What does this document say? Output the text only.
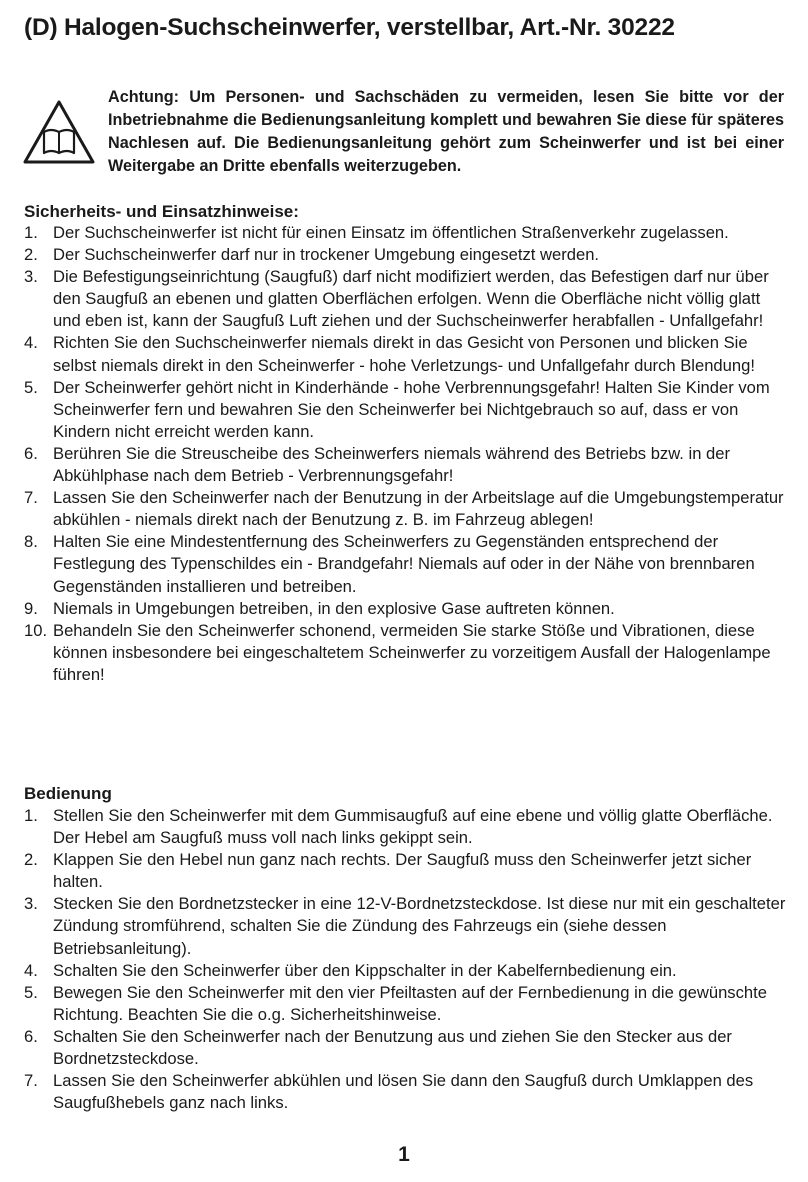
(D) Halogen-Suchscheinwerfer, verstellbar, Art.-Nr. 30222
Achtung: Um Personen- und Sachschäden zu vermeiden, lesen Sie bitte vor der Inbetriebnahme die Bedienungsanleitung komplett und bewahren Sie diese für späteres Nachlesen auf. Die Bedienungsanleitung gehört zum Scheinwerfer und ist bei einer Weitergabe an Dritte ebenfalls weiterzugeben.
Sicherheits- und Einsatzhinweise:
1. Der Suchscheinwerfer ist nicht für einen Einsatz im öffentlichen Straßenverkehr zugelassen.
2. Der Suchscheinwerfer darf nur in trockener Umgebung eingesetzt werden.
3. Die Befestigungseinrichtung (Saugfuß) darf nicht modifiziert werden, das Befestigen darf nur über den Saugfuß an ebenen und glatten Oberflächen erfolgen. Wenn die Oberfläche nicht völlig glatt und eben ist, kann der Saugfuß Luft ziehen und der Suchscheinwerfer herabfallen - Unfallgefahr!
4. Richten Sie den Suchscheinwerfer niemals direkt in das Gesicht von Personen und blicken Sie selbst niemals direkt in den Scheinwerfer - hohe Verletzungs- und Unfallgefahr durch Blendung!
5. Der Scheinwerfer gehört nicht in Kinderhände - hohe Verbrennungsgefahr! Halten Sie Kinder vom Scheinwerfer fern und bewahren Sie den Scheinwerfer bei Nichtgebrauch so auf, dass er von Kindern nicht erreicht werden kann.
6. Berühren Sie die Streuscheibe des Scheinwerfers niemals während des Betriebs bzw. in der Abkühlphase nach dem Betrieb - Verbrennungsgefahr!
7. Lassen Sie den Scheinwerfer nach der Benutzung in der Arbeitslage auf die Umgebungstemperatur abkühlen - niemals direkt nach der Benutzung z. B. im Fahrzeug ablegen!
8. Halten Sie eine Mindestentfernung des Scheinwerfers zu Gegenständen entsprechend der Festlegung des Typenschildes ein - Brandgefahr! Niemals auf oder in der Nähe von brennbaren Gegenständen installieren und betreiben.
9. Niemals in Umgebungen betreiben, in den explosive Gase auftreten können.
10. Behandeln Sie den Scheinwerfer schonend, vermeiden Sie starke Stöße und Vibrationen, diese können insbesondere bei eingeschaltetem Scheinwerfer zu vorzeitigem Ausfall der Halogenlampe führen!
Bedienung
1. Stellen Sie den Scheinwerfer mit dem Gummisaugfuß auf eine ebene und völlig glatte Oberfläche. Der Hebel am Saugfuß muss voll nach links gekippt sein.
2. Klappen Sie den Hebel nun ganz nach rechts. Der Saugfuß muss den Scheinwerfer jetzt sicher halten.
3. Stecken Sie den Bordnetzstecker in eine 12-V-Bordnetzsteckdose. Ist diese nur mit ein geschalteter Zündung stromführend, schalten Sie die Zündung des Fahrzeugs ein (siehe dessen Betriebsanleitung).
4. Schalten Sie den Scheinwerfer über den Kippschalter in der Kabelfernbedienung ein.
5. Bewegen Sie den Scheinwerfer mit den vier Pfeiltasten auf der Fernbedienung in die gewünschte Richtung. Beachten Sie die o.g. Sicherheitshinweise.
6. Schalten Sie den Scheinwerfer nach der Benutzung aus und ziehen Sie den Stecker aus der Bordnetzsteckdose.
7. Lassen Sie den Scheinwerfer abkühlen und lösen Sie dann den Saugfuß durch Umklappen des Saugfußhebels ganz nach links.
1
